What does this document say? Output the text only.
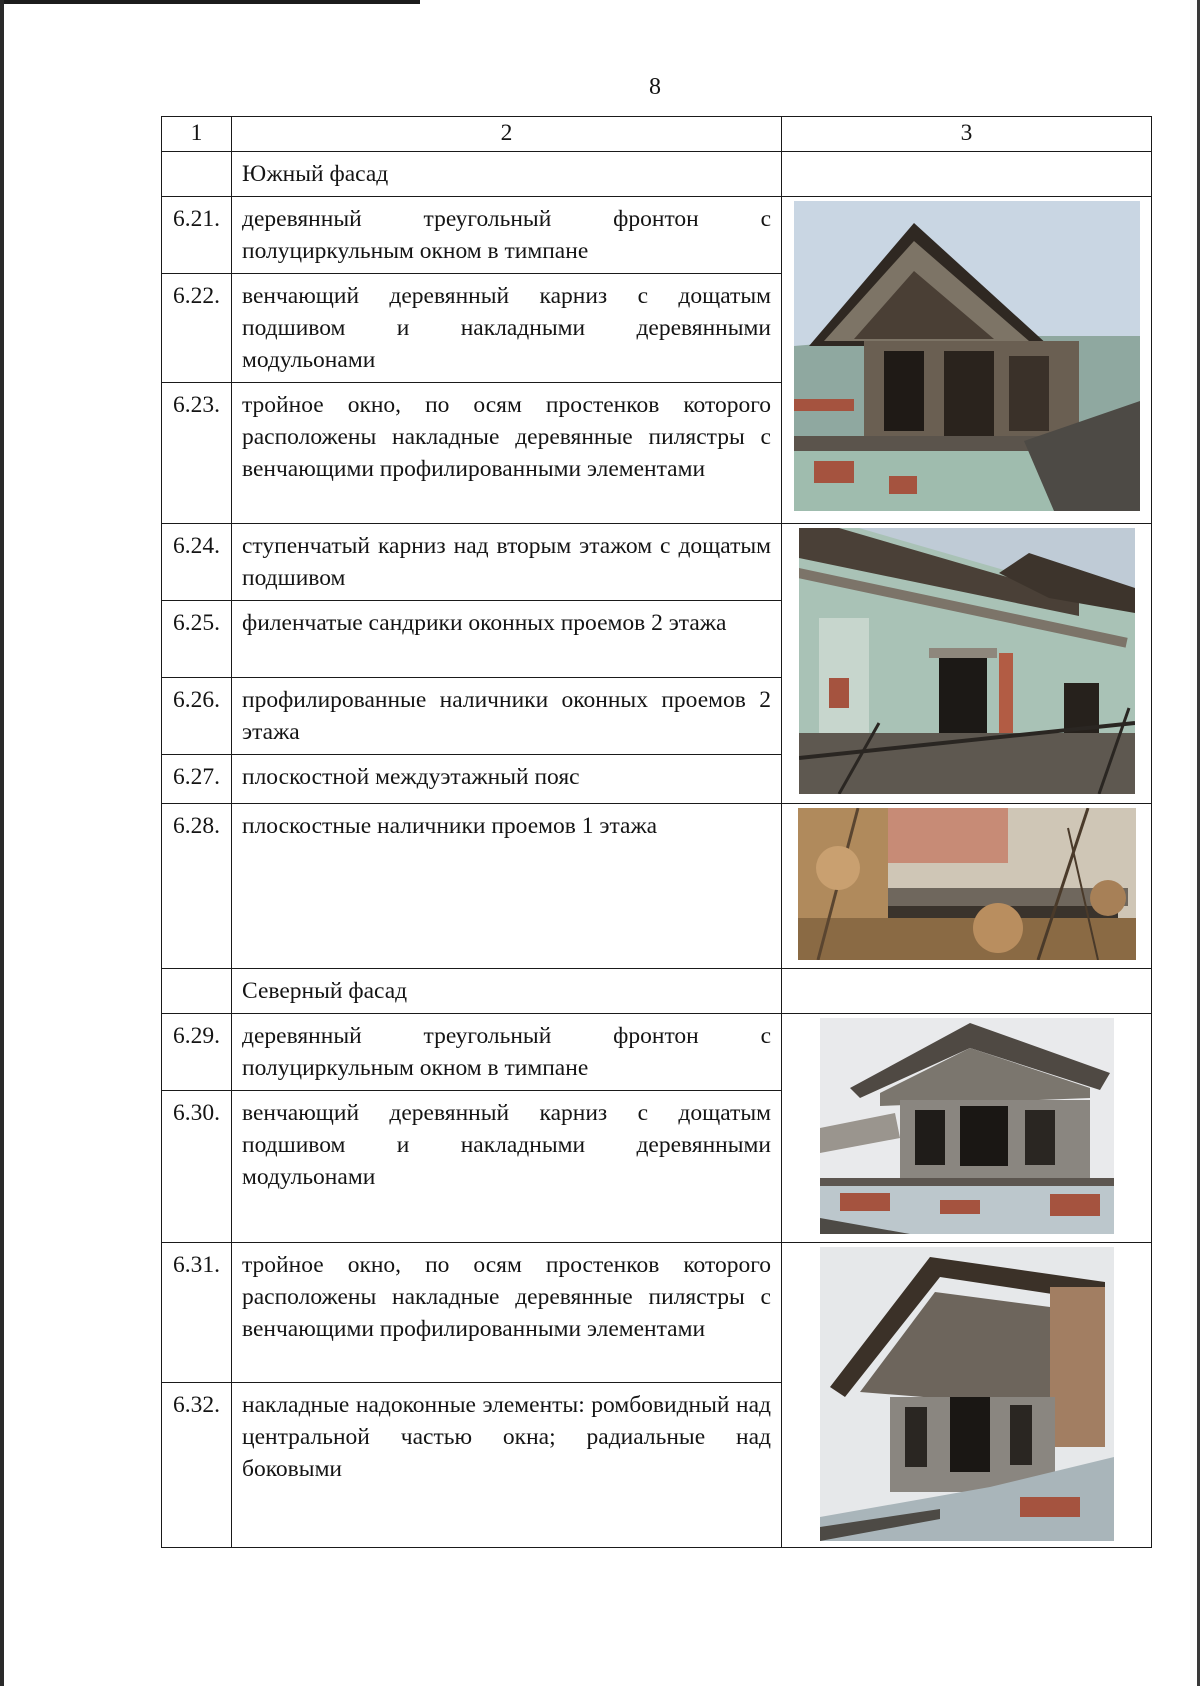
8
1	2	3
	Южный фасад	
6.21.	деревянный треугольный фронтон с полуциркульным окном в тимпане	

6.22.	венчающий деревянный карниз с дощатым подшивом и накладными деревянными модульонами	
6.23.	тройное окно, по осям простенков которого расположены накладные деревянные пилястры с венчающими профилированными элементами	
6.24.	ступенчатый карниз над вторым этажом с дощатым подшивом	

6.25.	филенчатые сандрики оконных проемов 2 этажа	
6.26.	профилированные наличники оконных проемов 2 этажа	
6.27.	плоскостной междуэтажный пояс	
6.28.	плоскостные наличники проемов 1 этажа	

	Северный фасад	
6.29.	деревянный треугольный фронтон с полуциркульным окном в тимпане	

6.30.	венчающий деревянный карниз с дощатым подшивом и накладными деревянными модульонами	
6.31.	тройное окно, по осям простенков которого расположены накладные деревянные пилястры с венчающими профилированными элементами	

6.32.	накладные надоконные элементы: ромбовидный над центральной частью окна; радиальные над боковыми	
